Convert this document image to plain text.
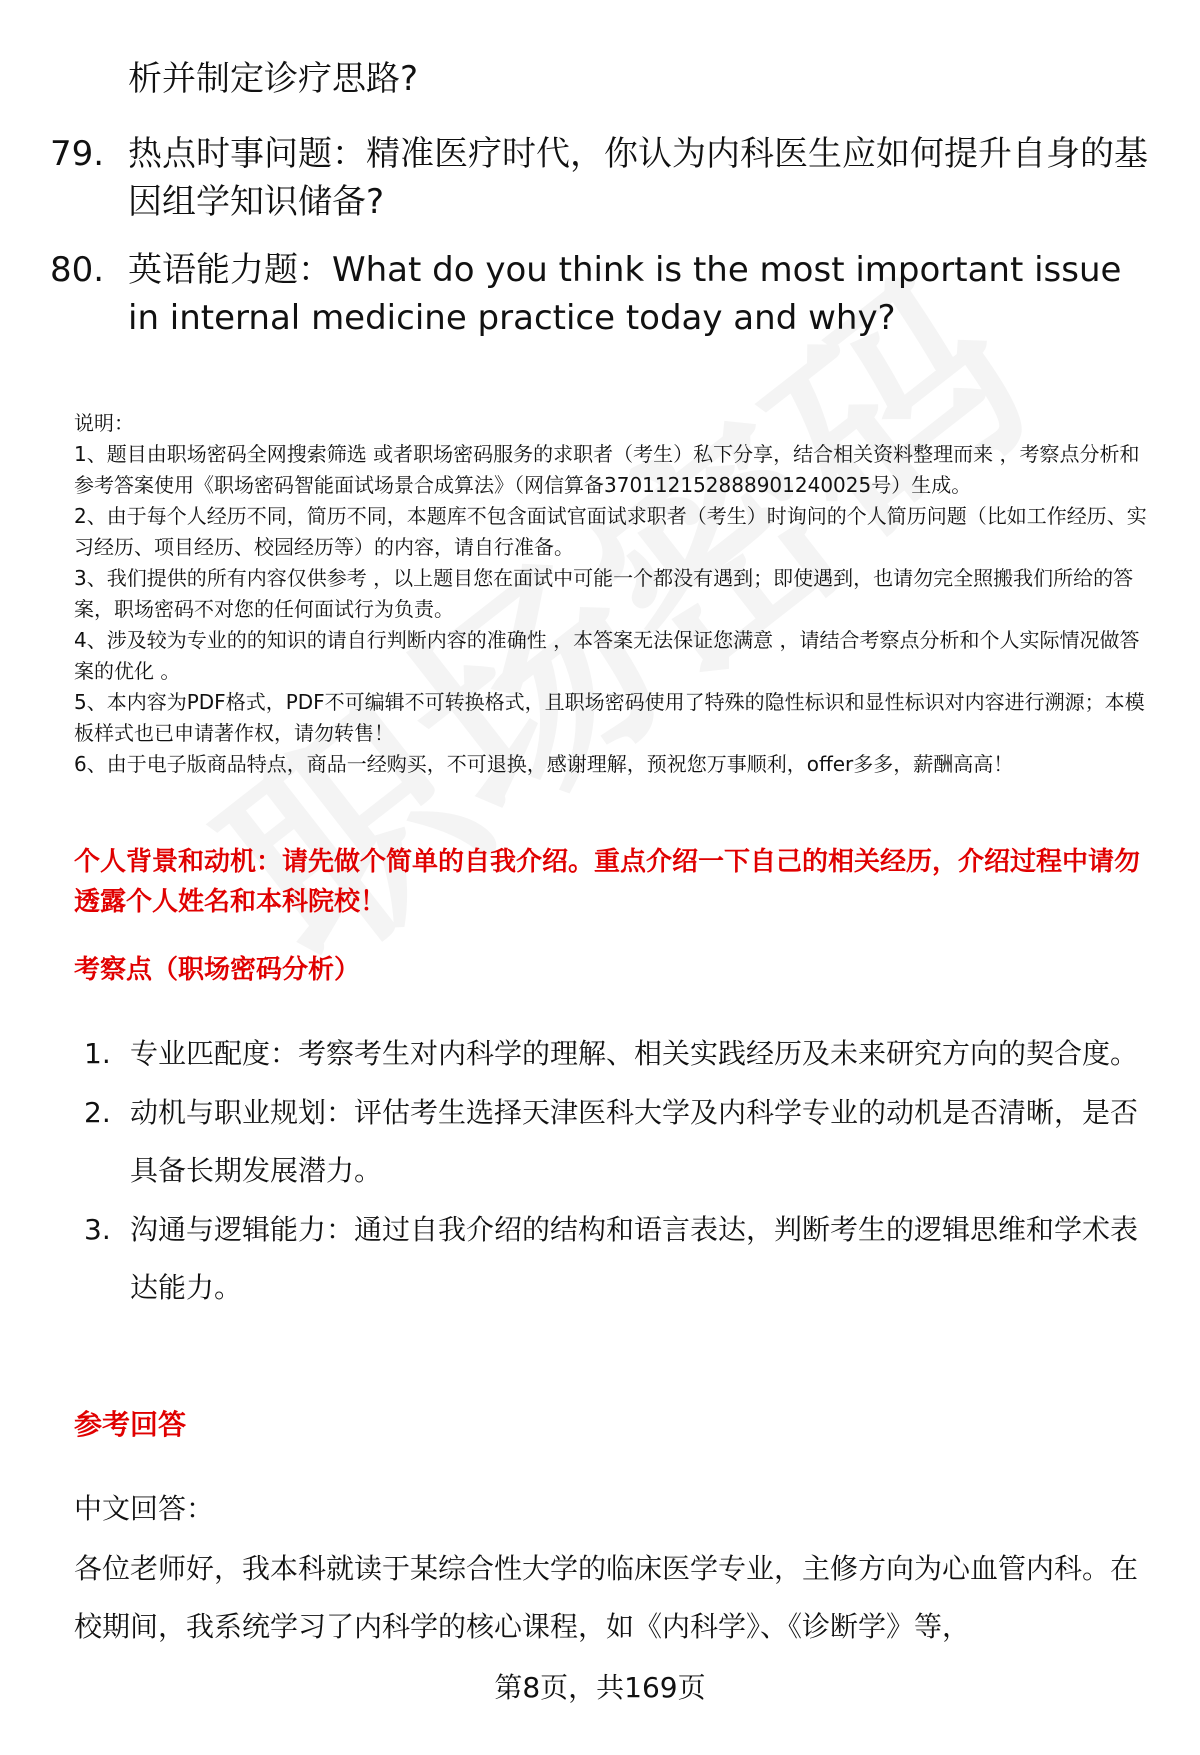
析并制定诊疗思路?
79. 热点时事问题：精准医疗时代，你认为内科医生应如何提升自身的基因组学知识储备?
80. 英语能力题：What do you think is the most important issue in internal medicine practice today and why?

说明：

1、题目由职场密码全网搜索筛选 或者职场密码服务的求职者（考生）私下分享，结合相关资料整理而来 ，考察点分析和参考答案使用《职场密码智能面试场景合成算法》（网信算备370112152888901240025号）生成。

2、由于每个人经历不同，简历不同，本题库不包含面试官面试求职者（考生）时询问的个人简历问题（比如工作经历、实习经历、项目经历、校园经历等）的内容，请自行准备。

3、我们提供的所有内容仅供参考 ，以上题目您在面试中可能一个都没有遇到；即使遇到，也请勿完全照搬我们所给的答案，职场密码不对您的任何面试行为负责。

4、涉及较为专业的的知识的请自行判断内容的准确性 ，本答案无法保证您满意 ，请结合考察点分析和个人实际情况做答案的优化 。

5、本内容为PDF格式，PDF不可编辑不可转换格式，且职场密码使用了特殊的隐性标识和显性标识对内容进行溯源；本模板样式也已申请著作权，请勿转售！

6、由于电子版商品特点，商品一经购买，不可退换，感谢理解，预祝您万事顺利，offer多多，薪酬高高！

个人背景和动机：请先做个简单的自我介绍。重点介绍一下自己的相关经历，介绍过程中请勿透露个人姓名和本科院校！
考察点（职场密码分析）
1. 专业匹配度：考察考生对内科学的理解、相关实践经历及未来研究方向的契合度。
2. 动机与职业规划：评估考生选择天津医科大学及内科学专业的动机是否清晰，是否具备长期发展潜力。
3. 沟通与逻辑能力：通过自我介绍的结构和语言表达，判断考生的逻辑思维和学术表达能力。
参考回答
中文回答：
各位老师好，我本科就读于某综合性大学的临床医学专业，主修方向为心血管内科。在校期间，我系统学习了内科学的核心课程，如《内科学》、《诊断学》等，
第8页，共169页
